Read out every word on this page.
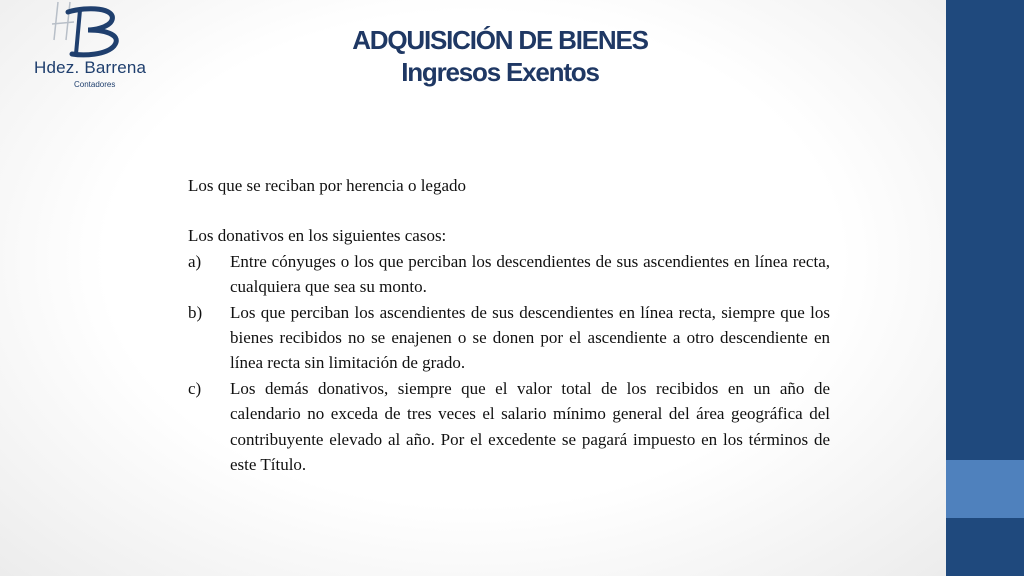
Hdez. Barrena
Contadores
ADQUISICIÓN DE BIENES
Ingresos Exentos

Los que se reciban por herencia o legado

Los donativos en los siguientes casos:

a)	Entre cónyuges o los que perciban los descendientes de sus ascendientes en línea recta, cualquiera que sea su monto.
b)	Los que perciban los ascendientes de sus descendientes en línea recta, siempre que los bienes recibidos no se enajenen o se donen por el ascendiente a otro descendiente en línea recta sin limitación de grado.
c)	Los demás donativos, siempre que el valor total de los recibidos en un año de calendario no exceda de tres veces el salario mínimo general del área geográfica del contribuyente elevado al año. Por el excedente se pagará impuesto en los términos de este Título.
